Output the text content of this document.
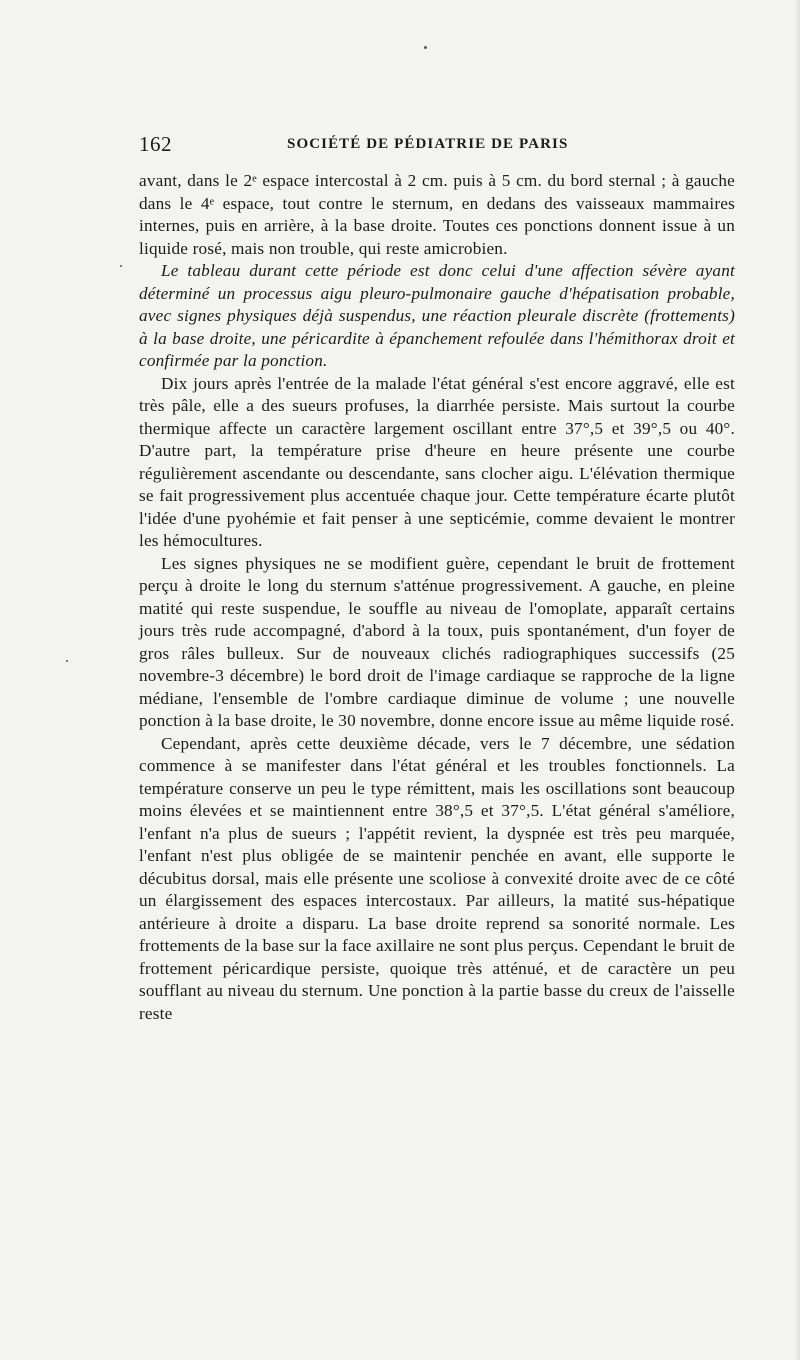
162	SOCIÉTÉ DE PÉDIATRIE DE PARIS

avant, dans le 2ᵉ espace intercostal à 2 cm. puis à 5 cm. du bord sternal ; à gauche dans le 4ᵉ espace, tout contre le sternum, en dedans des vaisseaux mammaires internes, puis en arrière, à la base droite. Toutes ces ponctions donnent issue à un liquide rosé, mais non trouble, qui reste amicrobien.

Le tableau durant cette période est donc celui d'une affection sévère ayant déterminé un processus aigu pleuro-pulmonaire gauche d'hépatisation probable, avec signes physiques déjà suspendus, une réaction pleurale discrète (frottements) à la base droite, une péricardite à épanchement refoulée dans l'hémithorax droit et confirmée par la ponction.

Dix jours après l'entrée de la malade l'état général s'est encore aggravé, elle est très pâle, elle a des sueurs profuses, la diarrhée persiste. Mais surtout la courbe thermique affecte un caractère largement oscillant entre 37°,5 et 39°,5 ou 40°. D'autre part, la température prise d'heure en heure présente une courbe régulièrement ascendante ou descendante, sans clocher aigu. L'élévation thermique se fait progressivement plus accentuée chaque jour. Cette température écarte plutôt l'idée d'une pyohémie et fait penser à une septicémie, comme devaient le montrer les hémocultures.

Les signes physiques ne se modifient guère, cependant le bruit de frottement perçu à droite le long du sternum s'atténue progressivement. A gauche, en pleine matité qui reste suspendue, le souffle au niveau de l'omoplate, apparaît certains jours très rude accompagné, d'abord à la toux, puis spontanément, d'un foyer de gros râles bulleux. Sur de nouveaux clichés radiographiques successifs (25 novembre-3 décembre) le bord droit de l'image cardiaque se rapproche de la ligne médiane, l'ensemble de l'ombre cardiaque diminue de volume ; une nouvelle ponction à la base droite, le 30 novembre, donne encore issue au même liquide rosé.

Cependant, après cette deuxième décade, vers le 7 décembre, une sédation commence à se manifester dans l'état général et les troubles fonctionnels. La température conserve un peu le type rémittent, mais les oscillations sont beaucoup moins élevées et se maintiennent entre 38°,5 et 37°,5. L'état général s'améliore, l'enfant n'a plus de sueurs ; l'appétit revient, la dyspnée est très peu marquée, l'enfant n'est plus obligée de se maintenir penchée en avant, elle supporte le décubitus dorsal, mais elle présente une scoliose à convexité droite avec de ce côté un élargissement des espaces intercostaux. Par ailleurs, la matité sus-hépatique antérieure à droite a disparu. La base droite reprend sa sonorité normale. Les frottements de la base sur la face axillaire ne sont plus perçus. Cependant le bruit de frottement péricardique persiste, quoique très atténué, et de caractère un peu soufflant au niveau du sternum. Une ponction à la partie basse du creux de l'aisselle reste
